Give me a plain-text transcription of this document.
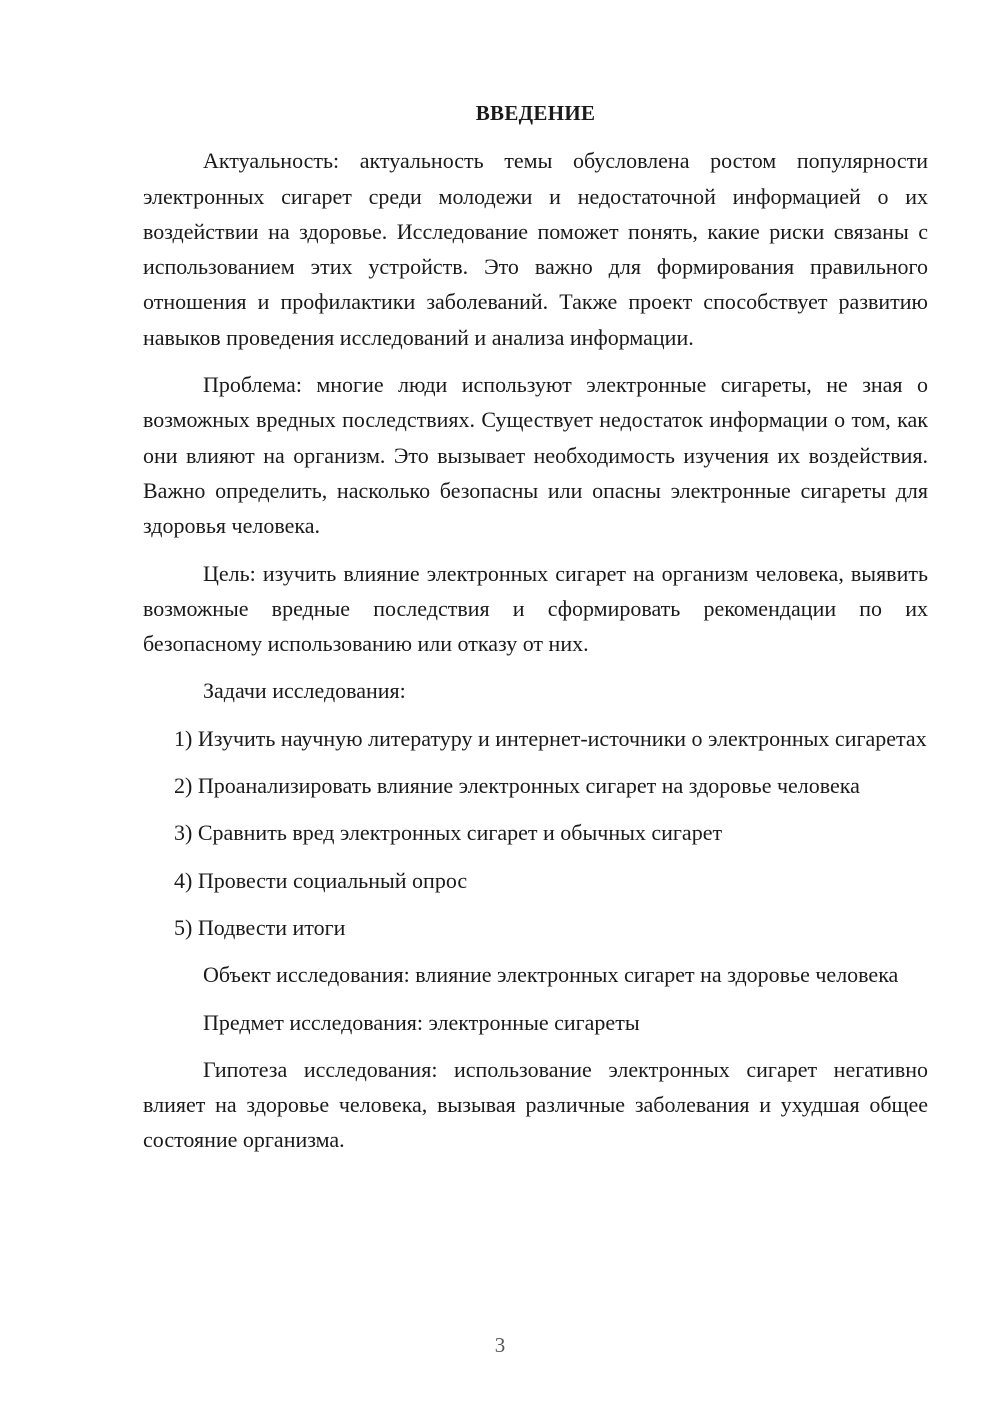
ВВЕДЕНИЕ

Актуальность: актуальность темы обусловлена ростом популярности электронных сигарет среди молодежи и недостаточной информацией о их воздействии на здоровье. Исследование поможет понять, какие риски связаны с использованием этих устройств. Это важно для формирования правильного отношения и профилактики заболеваний. Также проект способствует развитию навыков проведения исследований и анализа информации.

Проблема: многие люди используют электронные сигареты, не зная о возможных вредных последствиях. Существует недостаток информации о том, как они влияют на организм. Это вызывает необходимость изучения их воздействия. Важно определить, насколько безопасны или опасны электронные сигареты для здоровья человека.

Цель: изучить влияние электронных сигарет на организм человека, выявить возможные вредные последствия и сформировать рекомендации по их безопасному использованию или отказу от них.

Задачи исследования:

1) Изучить научную литературу и интернет-источники о электронных сигаретах

2) Проанализировать влияние электронных сигарет на здоровье человека

3) Сравнить вред электронных сигарет и обычных сигарет

4) Провести социальный опрос

5) Подвести итоги

Объект исследования: влияние электронных сигарет на здоровье человека

Предмет исследования: электронные сигареты

Гипотеза исследования: использование электронных сигарет негативно влияет на здоровье человека, вызывая различные заболевания и ухудшая общее состояние организма.

3
